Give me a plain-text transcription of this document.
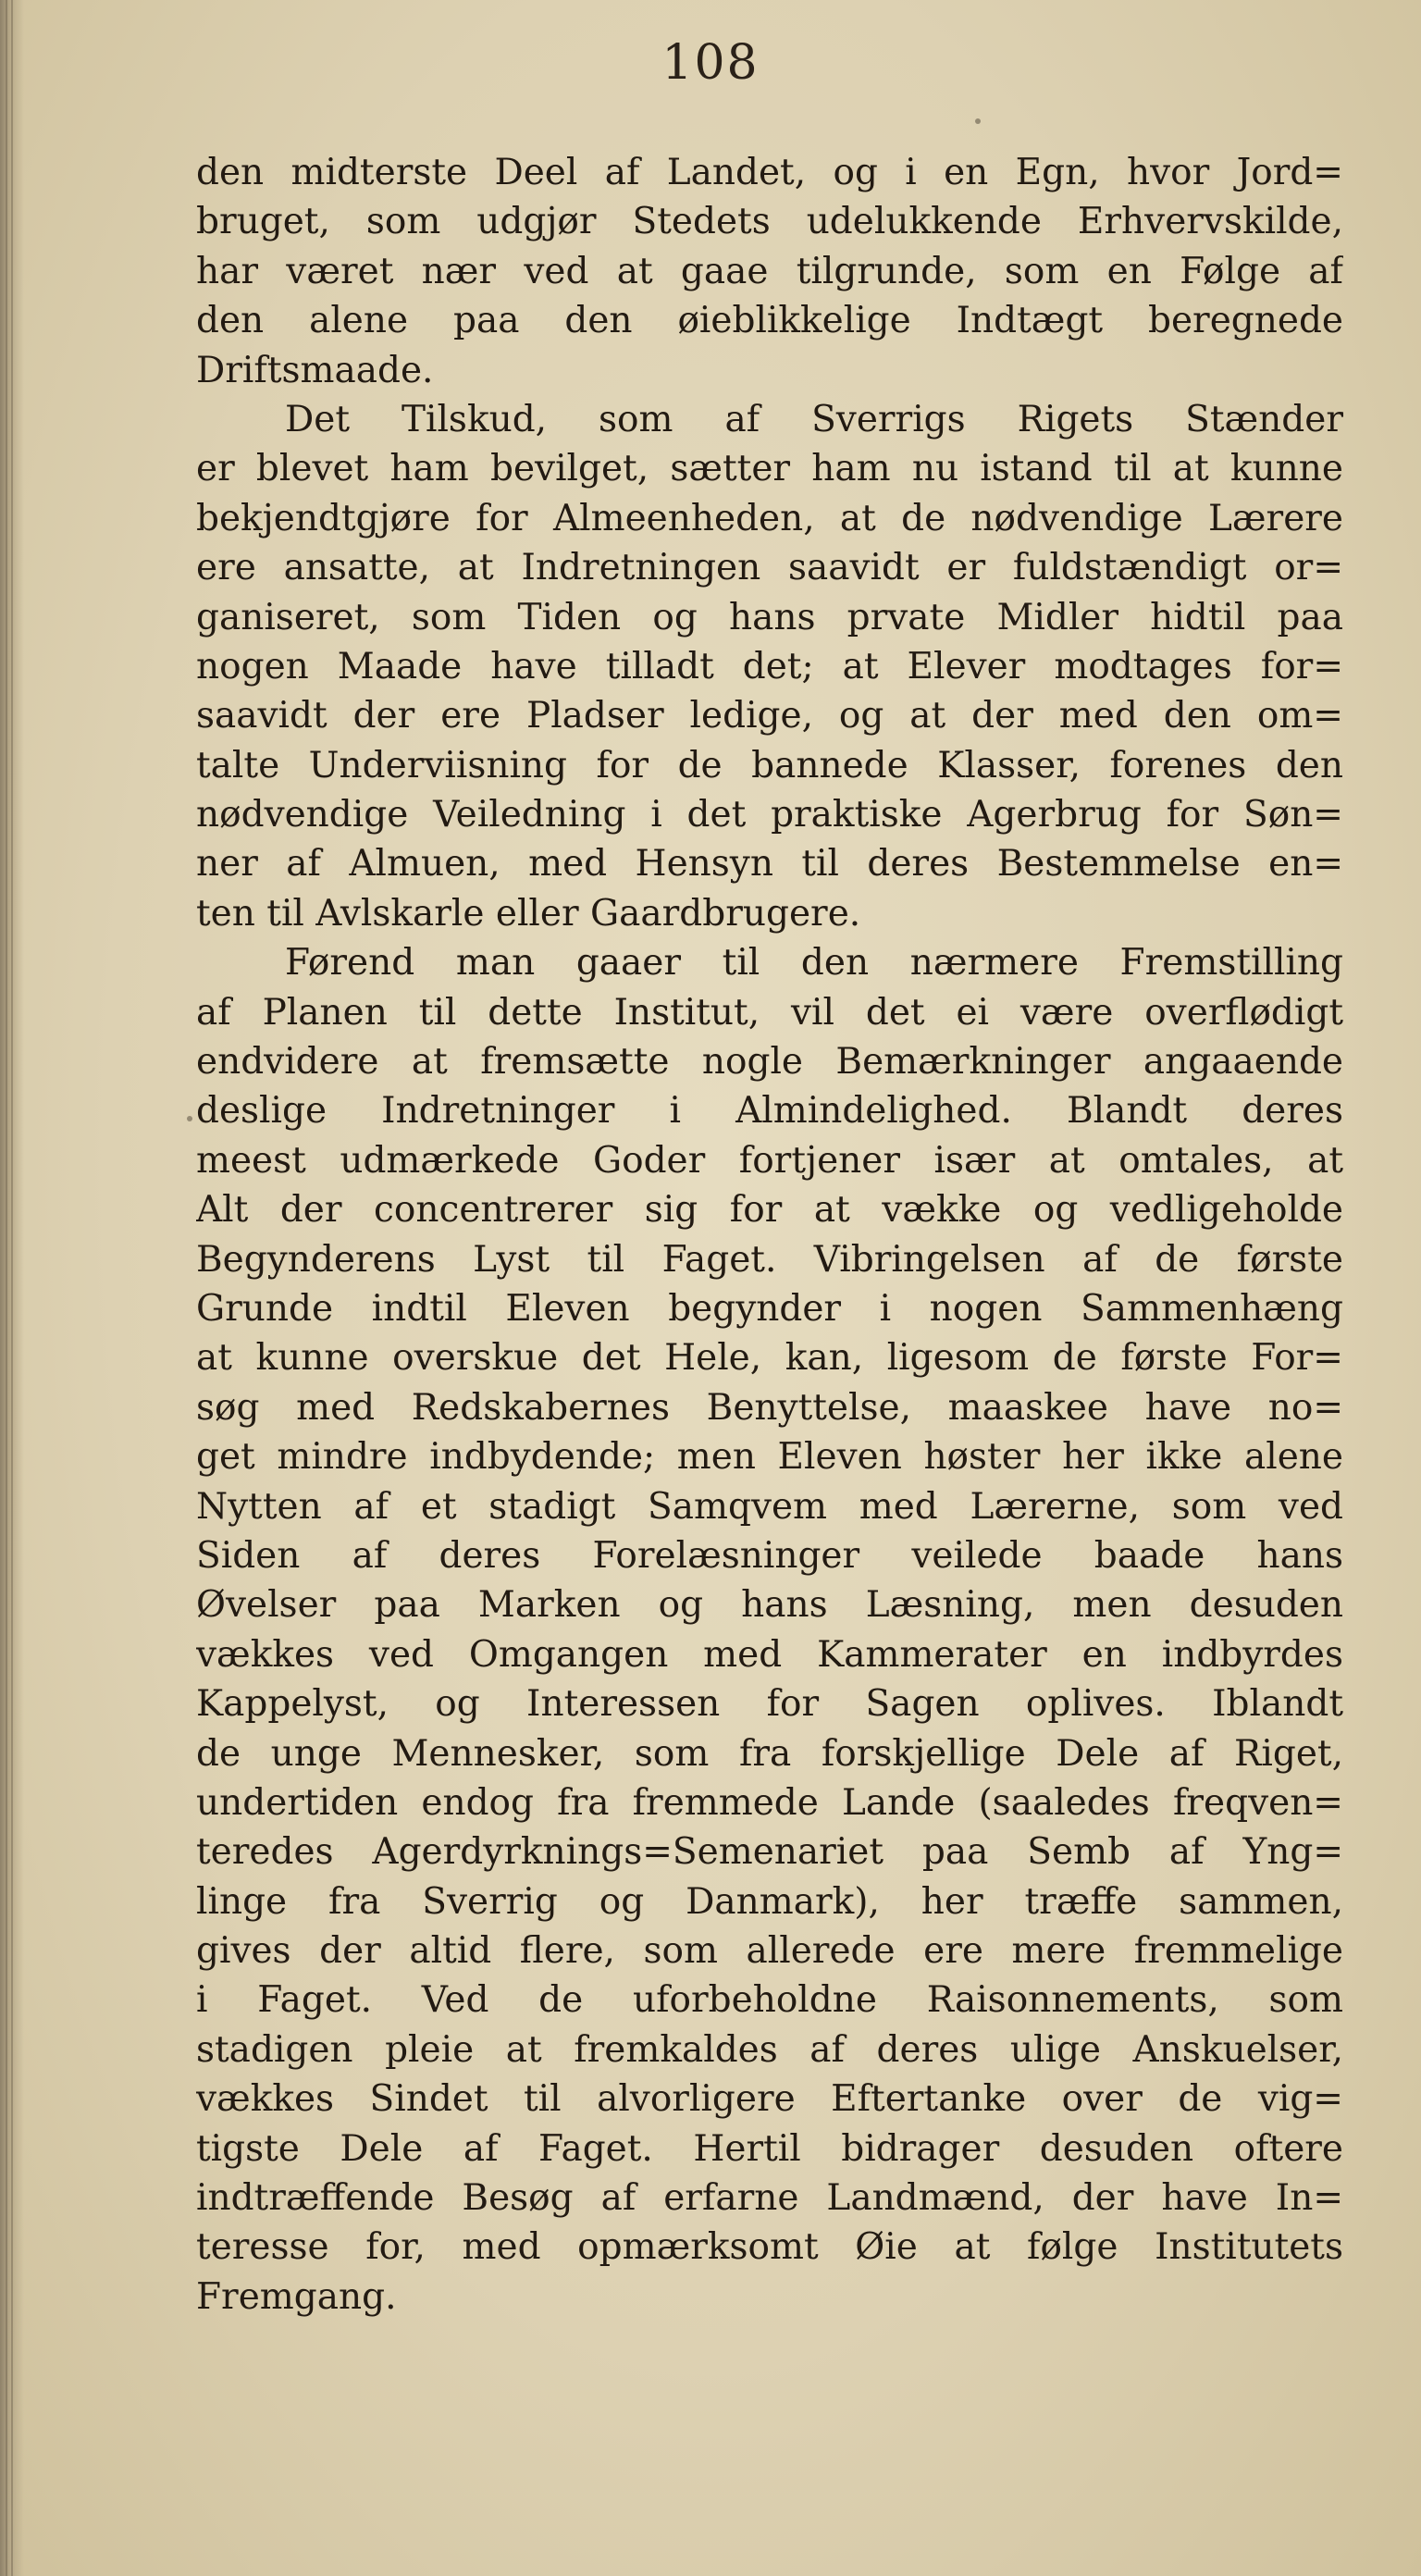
108
den midterste Deel af Landet, og i en Egn, hvor Jord=
bruget, som udgjør Stedets udelukkende Erhvervskilde,
har været nær ved at gaae tilgrunde, som en Følge af
den alene paa den øieblikkelige Indtægt beregnede
Driftsmaade.
Det Tilskud, som af Sverrigs Rigets Stænder
er blevet ham bevilget, sætter ham nu istand til at kunne
bekjendtgjøre for Almeenheden, at de nødvendige Lærere
ere ansatte, at Indretningen saavidt er fuldstændigt or=
ganiseret, som Tiden og hans prvate Midler hidtil paa
nogen Maade have tilladt det; at Elever modtages for=
saavidt der ere Pladser ledige, og at der med den om=
talte Underviisning for de bannede Klasser, forenes den
nødvendige Veiledning i det praktiske Agerbrug for Søn=
ner af Almuen, med Hensyn til deres Bestemmelse en=
ten til Avlskarle eller Gaardbrugere.
Førend man gaaer til den nærmere Fremstilling
af Planen til dette Institut, vil det ei være overflødigt
endvidere at fremsætte nogle Bemærkninger angaaende
deslige Indretninger i Almindelighed. Blandt deres
meest udmærkede Goder fortjener især at omtales, at
Alt der concentrerer sig for at vække og vedligeholde
Begynderens Lyst til Faget. Vibringelsen af de første
Grunde indtil Eleven begynder i nogen Sammenhæng
at kunne overskue det Hele, kan, ligesom de første For=
søg med Redskabernes Benyttelse, maaskee have no=
get mindre indbydende; men Eleven høster her ikke alene
Nytten af et stadigt Samqvem med Lærerne, som ved
Siden af deres Forelæsninger veilede baade hans
Øvelser paa Marken og hans Læsning, men desuden
vækkes ved Omgangen med Kammerater en indbyrdes
Kappelyst, og Interessen for Sagen oplives. Iblandt
de unge Mennesker, som fra forskjellige Dele af Riget,
undertiden endog fra fremmede Lande (saaledes freqven=
teredes Agerdyrknings=Semenariet paa Semb af Yng=
linge fra Sverrig og Danmark), her træffe sammen,
gives der altid flere, som allerede ere mere fremmelige
i Faget. Ved de uforbeholdne Raisonnements, som
stadigen pleie at fremkaldes af deres ulige Anskuelser,
vækkes Sindet til alvorligere Eftertanke over de vig=
tigste Dele af Faget. Hertil bidrager desuden oftere
indtræffende Besøg af erfarne Landmænd, der have In=
teresse for, med opmærksomt Øie at følge Institutets
Fremgang.
